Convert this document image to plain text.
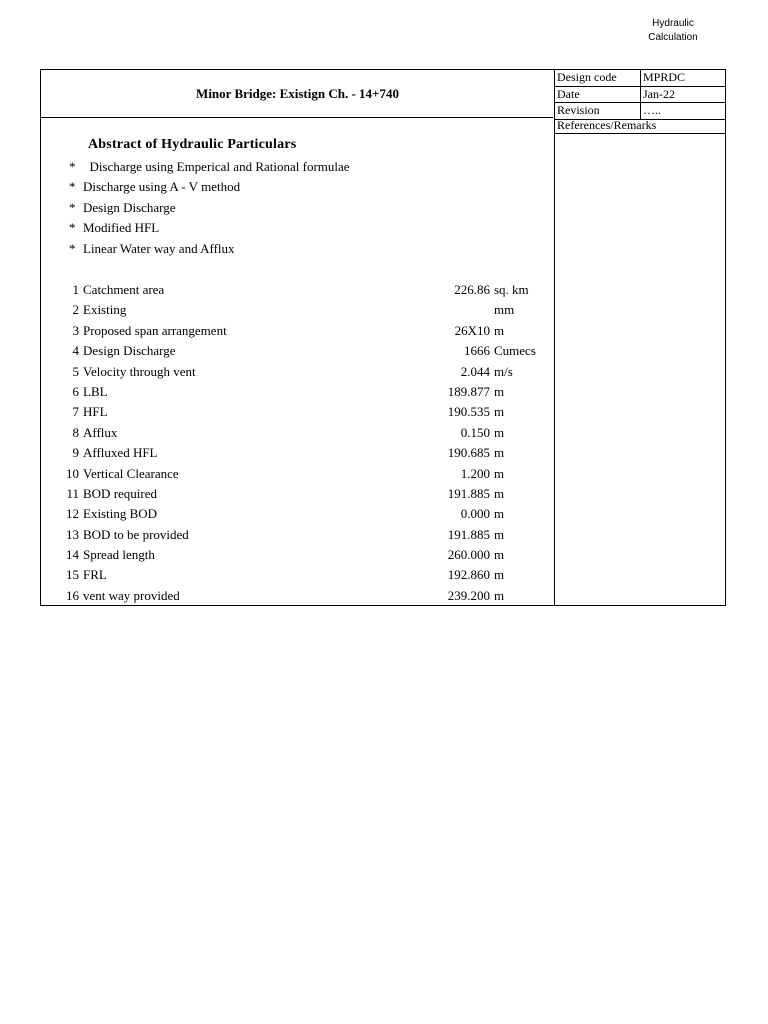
Hydraulic
Calculation
Minor Bridge: Existign Ch. - 14+740
Design code	MPRDC
Date	Jan-22
Revision	…..
References/Remarks
Abstract of Hydraulic Particulars
*  Discharge using Emperical and Rational formulae
* Discharge using A - V method
* Design Discharge
* Modified HFL
* Linear Water way and Afflux
1 Catchment area	226.86 sq. km
2 Existing	mm
3 Proposed span arrangement	26X10 m
4 Design Discharge	1666 Cumecs
5 Velocity through vent	2.044 m/s
6 LBL	189.877 m
7 HFL	190.535 m
8 Afflux	0.150 m
9 Affluxed HFL	190.685 m
10 Vertical Clearance	1.200 m
11 BOD required	191.885 m
12 Existing BOD	0.000 m
13 BOD to be provided	191.885 m
14 Spread length	260.000 m
15 FRL	192.860 m
16 vent way provided	239.200 m
